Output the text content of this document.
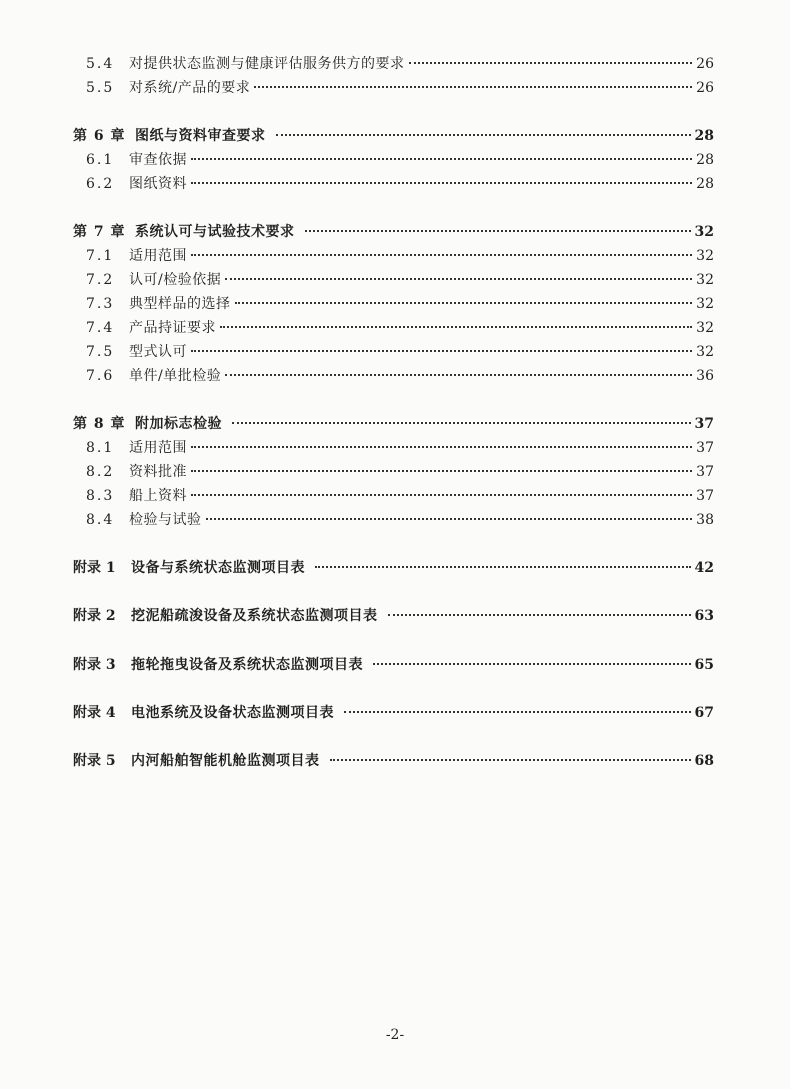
5.4	对提供状态监测与健康评估服务供方的要求	26
5.5	对系统/产品的要求	26
第 6 章 图纸与资料审查要求	28
6.1	审查依据	28
6.2	图纸资料	28
第 7 章 系统认可与试验技术要求	32
7.1	适用范围	32
7.2	认可/检验依据	32
7.3	典型样品的选择	32
7.4	产品持证要求	32
7.5	型式认可	32
7.6	单件/单批检验	36
第 8 章 附加标志检验	37
8.1	适用范围	37
8.2	资料批准	37
8.3	船上资料	37
8.4	检验与试验	38
附录 1	设备与系统状态监测项目表	42
附录 2	挖泥船疏浚设备及系统状态监测项目表	63
附录 3	拖轮拖曳设备及系统状态监测项目表	65
附录 4	电池系统及设备状态监测项目表	67
附录 5	内河船舶智能机舱监测项目表	68
-2-
